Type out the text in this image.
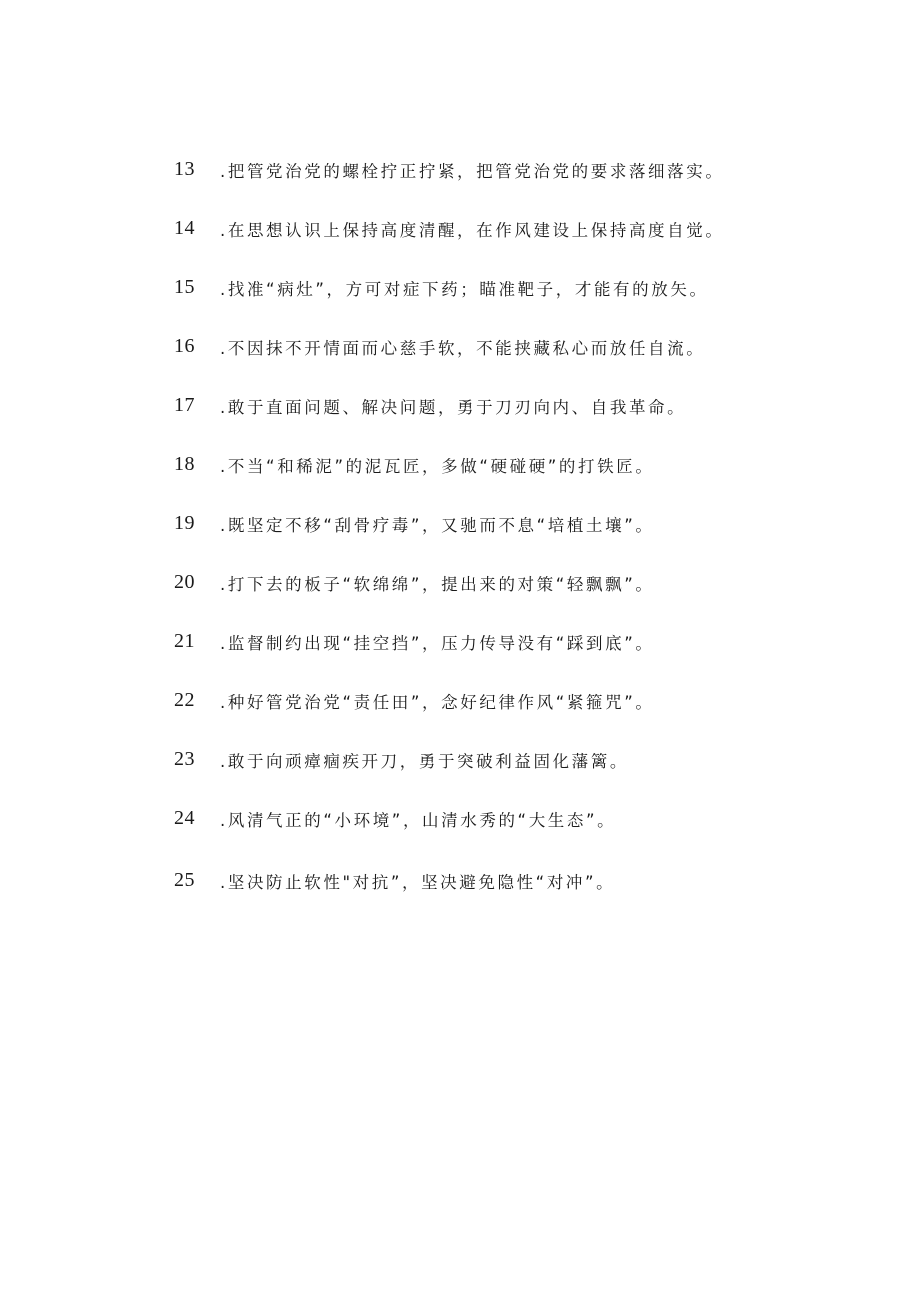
13	.把管党治党的螺栓拧正拧紧，把管党治党的要求落细落实。
14	.在思想认识上保持高度清醒，在作风建设上保持高度自觉。
15	.找准“病灶”，方可对症下药；瞄准靶子，才能有的放矢。
16	.不因抹不开情面而心慈手软，不能挟藏私心而放任自流。
17	.敢于直面问题、解决问题，勇于刀刃向内、自我革命。
18	.不当“和稀泥”的泥瓦匠，多做“硬碰硬”的打铁匠。
19	.既坚定不移“刮骨疗毒”，又驰而不息“培植土壤”。
20	.打下去的板子“软绵绵”，提出来的对策“轻飘飘”。
21	.监督制约出现“挂空挡”，压力传导没有“踩到底”。
22	.种好管党治党“责任田”，念好纪律作风“紧箍咒”。
23	.敢于向顽瘴痼疾开刀，勇于突破利益固化藩篱。
24	.风清气正的“小环境”，山清水秀的“大生态”。
25	.坚决防止软性"对抗”，坚决避免隐性“对冲”。
